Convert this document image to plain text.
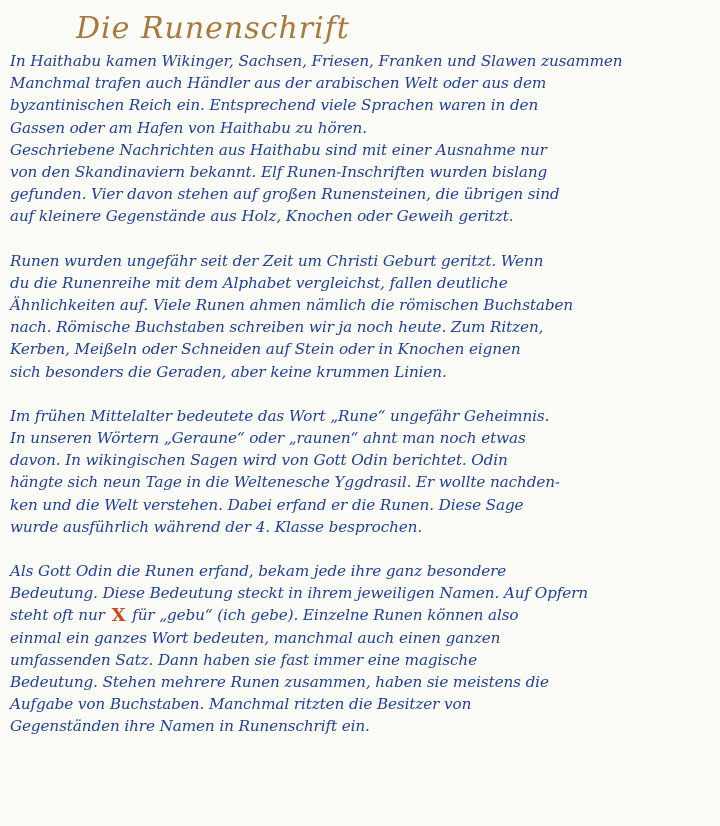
Die Runenschrift
In Haithabu kamen Wikinger, Sachsen, Friesen, Franken und Slawen zusammen
Manchmal trafen auch Händler aus der arabischen Welt oder aus dem
byzantinischen Reich ein. Entsprechend viele Sprachen waren in den
Gassen oder am Hafen von Haithabu zu hören.
Geschriebene Nachrichten aus Haithabu sind mit einer Ausnahme nur
von den Skandinaviern bekannt. Elf Runen-Inschriften wurden bislang
gefunden. Vier davon stehen auf großen Runensteinen, die übrigen sind
auf kleinere Gegenstände aus Holz, Knochen oder Geweih geritzt.
Runen wurden ungefähr seit der Zeit um Christi Geburt geritzt. Wenn
du die Runenreihe mit dem Alphabet vergleichst, fallen deutliche
Ähnlichkeiten auf. Viele Runen ahmen nämlich die römischen Buchstaben
nach. Römische Buchstaben schreiben wir ja noch heute. Zum Ritzen,
Kerben, Meißeln oder Schneiden auf Stein oder in Knochen eignen
sich besonders die Geraden, aber keine krummen Linien.
Im frühen Mittelalter bedeutete das Wort „Rune“ ungefähr Geheimnis.
In unseren Wörtern „Geraune“ oder „raunen“ ahnt man noch etwas
davon. In wikingischen Sagen wird von Gott Odin berichtet. Odin
hängte sich neun Tage in die Weltenesche Yggdrasil. Er wollte nachden-
ken und die Welt verstehen. Dabei erfand er die Runen. Diese Sage
wurde ausführlich während der 4. Klasse besprochen.
Als Gott Odin die Runen erfand, bekam jede ihre ganz besondere
Bedeutung. Diese Bedeutung steckt in ihrem jeweiligen Namen. Auf Opfern
steht oft nur X für „gebu“ (ich gebe). Einzelne Runen können also
einmal ein ganzes Wort bedeuten, manchmal auch einen ganzen
umfassenden Satz. Dann haben sie fast immer eine magische
Bedeutung. Stehen mehrere Runen zusammen, haben sie meistens die
Aufgabe von Buchstaben. Manchmal ritzten die Besitzer von
Gegenständen ihre Namen in Runenschrift ein.
